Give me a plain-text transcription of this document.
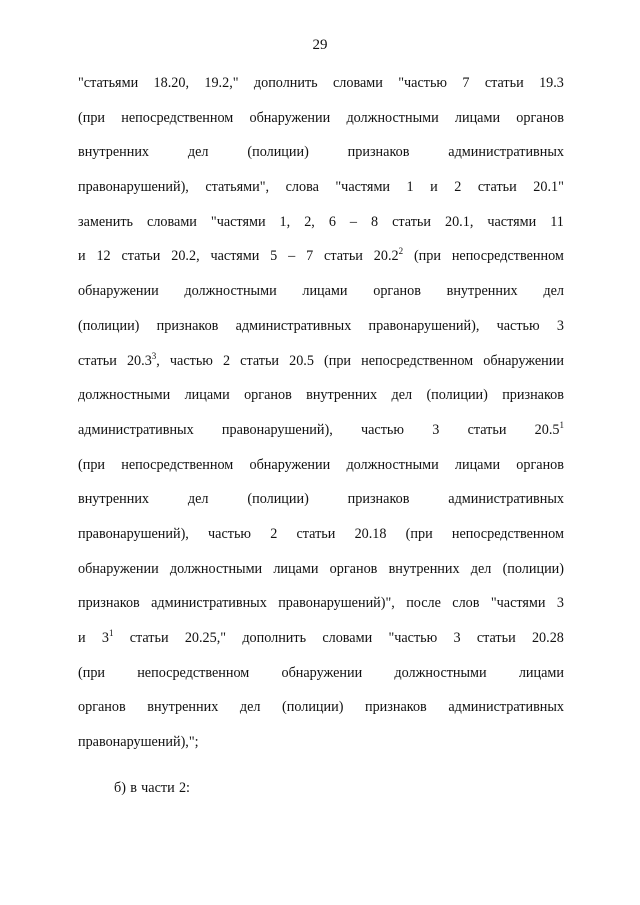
29
"статьями 18.20, 19.2," дополнить словами "частью 7 статьи 19.3
(при непосредственном обнаружении должностными лицами органов
внутренних	дел	(полиции)	признаков	административных
правонарушений), статьями", слова "частями 1 и 2 статьи 20.1"
заменить словами "частями 1, 2, 6 – 8 статьи 20.1, частями 11
и 12 статьи 20.2, частями 5 – 7 статьи 20.2$^2$ (при непосредственном
обнаружении должностными лицами органов внутренних дел
(полиции) признаков административных правонарушений), частью 3
статьи 20.3$^3$, частью 2 статьи 20.5 (при непосредственном обнаружении
должностными лицами органов внутренних дел (полиции) признаков
административных правонарушений), частью 3 статьи 20.5$^1$
(при непосредственном обнаружении должностными лицами органов
внутренних	дел	(полиции)	признаков	административных
правонарушений), частью 2 статьи 20.18 (при непосредственном
обнаружении должностными лицами органов внутренних дел (полиции)
признаков административных правонарушений)", после слов "частями 3
и $3^1$ статьи 20.25," дополнить словами "частью 3 статьи 20.28
(при непосредственном обнаружении должностными лицами
органов внутренних дел (полиции) признаков административных
правонарушений),";
б) в части 2:
